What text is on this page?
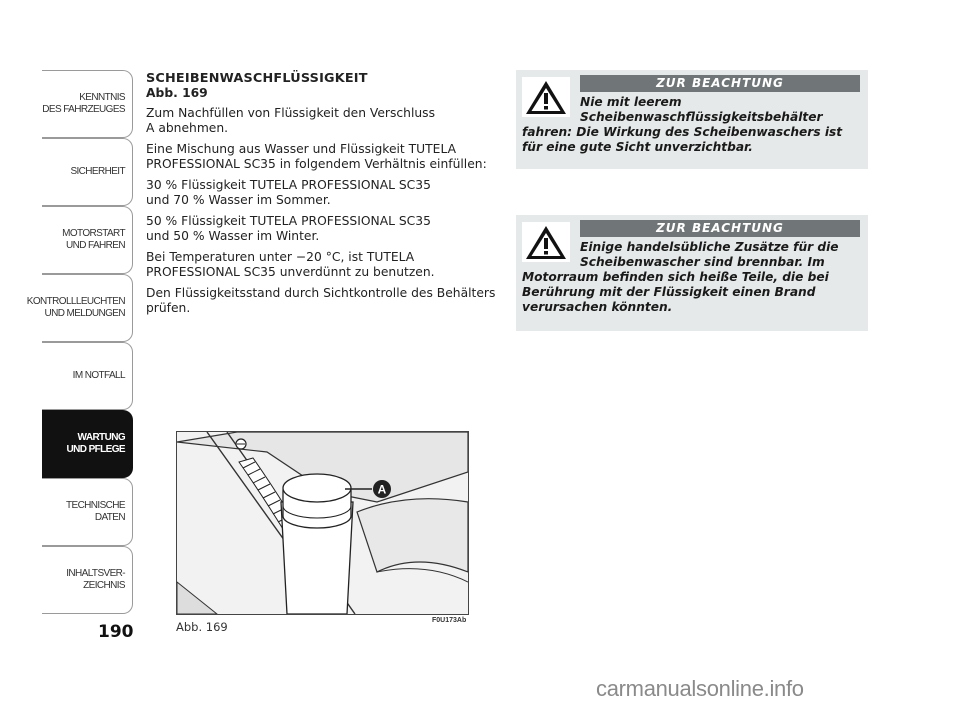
KENNTNIS
DES FAHRZEUGES
SICHERHEIT
MOTORSTART
UND FAHREN
KONTROLLLEUCHTEN
UND MELDUNGEN
IM NOTFALL
WARTUNG
UND PFLEGE
TECHNISCHE
DATEN
INHALTSVER-
ZEICHNIS
190
SCHEIBENWASCHFLÜSSIGKEIT
Abb. 169

Zum Nachfüllen von Flüssigkeit den Verschluss
A abnehmen.

Eine Mischung aus Wasser und Flüssigkeit TUTELA PROFESSIONAL SC35 in folgendem Verhältnis einfüllen:

30 % Flüssigkeit TUTELA PROFESSIONAL SC35
und 70 % Wasser im Sommer.

50 % Flüssigkeit TUTELA PROFESSIONAL SC35
und 50 % Wasser im Winter.

Bei Temperaturen unter −20 °C, ist TUTELA PROFESSIONAL SC35 unverdünnt zu benutzen.

Den Flüssigkeitsstand durch Sichtkontrolle des Behälters prüfen.

ZUR BEACHTUNG
Nie mit leerem
Scheibenwaschflüssigkeitsbehälter
fahren: Die Wirkung des Scheibenwaschers ist für eine gute Sicht unverzichtbar.
ZUR BEACHTUNG
Einige handelsübliche Zusätze für die
Scheibenwascher sind brennbar. Im
Motorraum befinden sich heiße Teile, die bei Berührung mit der Flüssigkeit einen Brand verursachen könnten.
A
Abb. 169	F0U173Ab
carmanualsonline.info
